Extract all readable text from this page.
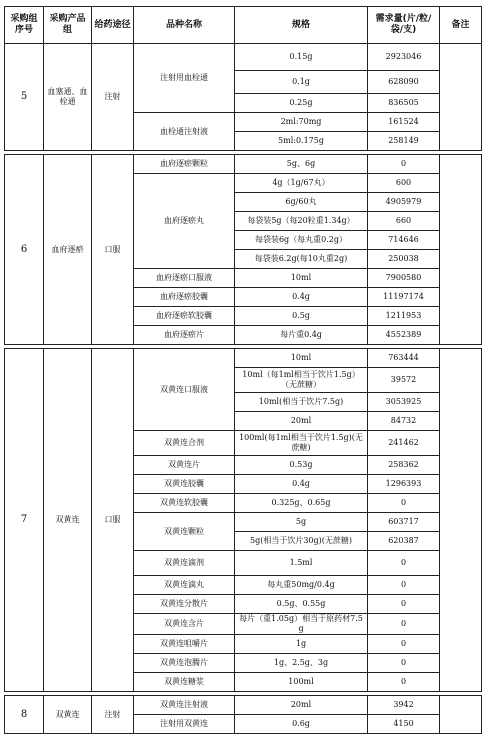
采购组序号	采购产品组	给药途径	品种名称	规格	需求量(片/粒/袋/支)	备注
5	血塞通、血栓通	注射	注射用血栓通	0.15g	2923046	
				0.1g	628090	
				0.25g	836505	
			血栓通注射液	2ml:70mg	161524	
				5ml:0.175g	258149	

6	血府逐瘀	口服	血府逐瘀颗粒	5g、6g	0	
			血府逐瘀丸	4g（1g/67丸）	600	
				6g/60丸	4905979	
				每袋装5g（每20粒重1.34g）	660	
				每袋装6g（每丸重0.2g）	714646	
				每袋装6.2g(每10丸重2g)	250038	
			血府逐瘀口服液	10ml	7900580	
			血府逐瘀胶囊	0.4g	11197174	
			血府逐瘀软胶囊	0.5g	1211953	
			血府逐瘀片	每片重0.4g	4552389	

7	双黄连	口服	双黄连口服液	10ml	763444	
				10ml（每1ml相当于饮片1.5g）（无蔗糖）	39572	
				10ml(相当于饮片7.5g)	3053925	
				20ml	84732	
			双黄连合剂	100ml(每1ml相当于饮片1.5g)(无蔗糖)	241462	
			双黄连片	0.53g	258362	
			双黄连胶囊	0.4g	1296393	
			双黄连软胶囊	0.325g、0.65g	0	
			双黄连颗粒	5g	603717	
				5g(相当于饮片30g)(无蔗糖)	620387	
			双黄连滴剂	1.5ml	0	
			双黄连滴丸	每丸重50mg/0.4g	0	
			双黄连分散片	0.5g、0.55g	0	
			双黄连含片	每片（重1.05g）相当于原药材7.5g	0	
			双黄连咀嚼片	1g	0	
			双黄连泡腾片	1g、2.5g、3g	0	
			双黄连糖浆	100ml	0	

8	双黄连	注射	双黄连注射液	20ml	3942	
			注射用双黄连	0.6g	4150	
